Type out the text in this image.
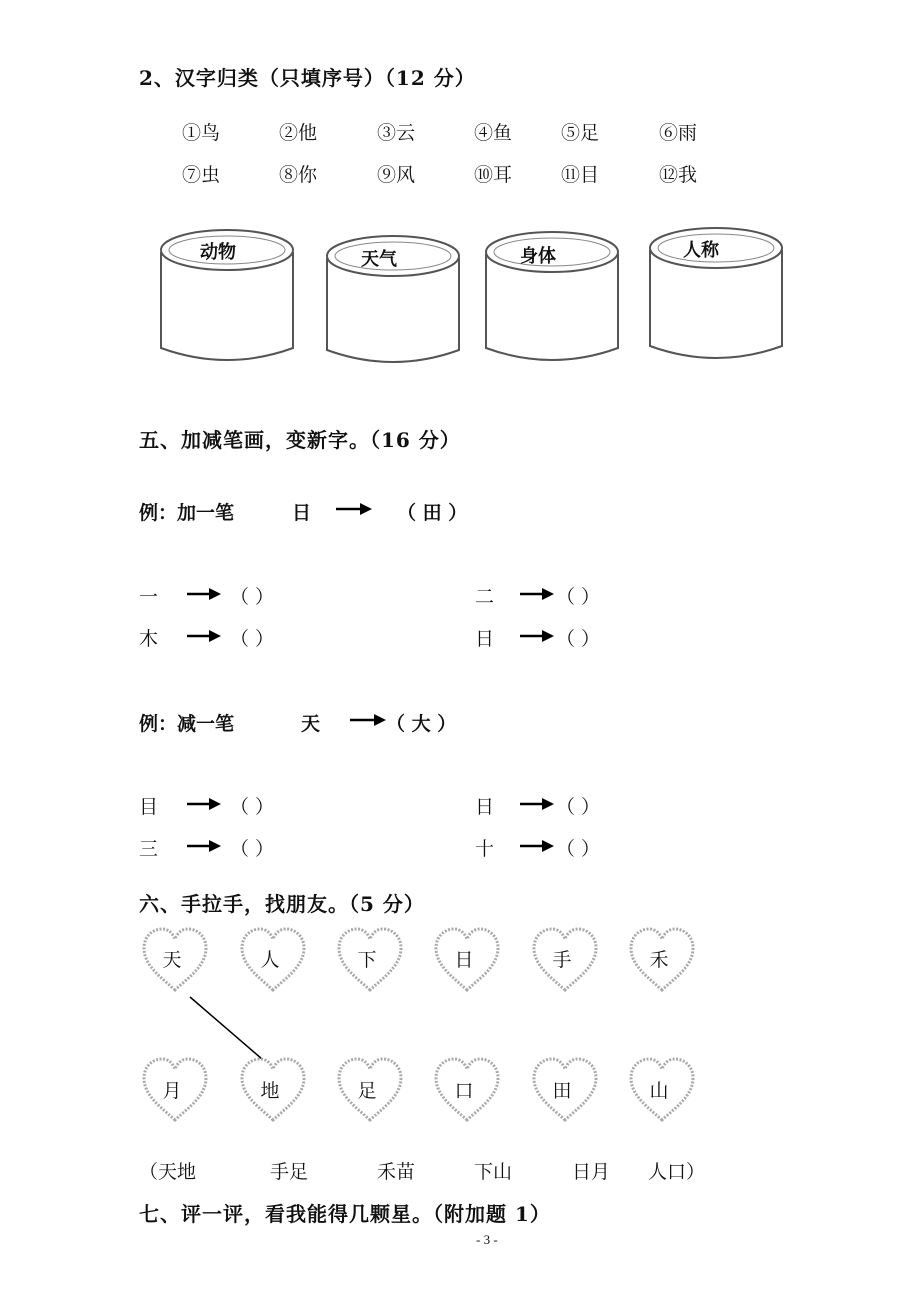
2、汉字归类（只填序号）（12 分）
①鸟	②他	③云	④鱼	⑤足	⑥雨
⑦虫	⑧你	⑨风	⑩耳	⑪目	⑫我
动物	天气	身体	人称
五、加减笔画，变新字。（16 分）
例：加一笔	日	（ 田 ）
一	（ ）	二	（ ）
木	（ ）	日	（ ）
例：减一笔	天	（ 大 ）
目	（ ）	日	（ ）
三	（ ）	十	（ ）
六、手拉手，找朋友。（5 分）
天	人	下	日	手	禾
月	地	足	口	田	山
（天地	手足	禾苗	下山	日月 人口）
七、评一评，看我能得几颗星。（附加题 1）
- 3 -
